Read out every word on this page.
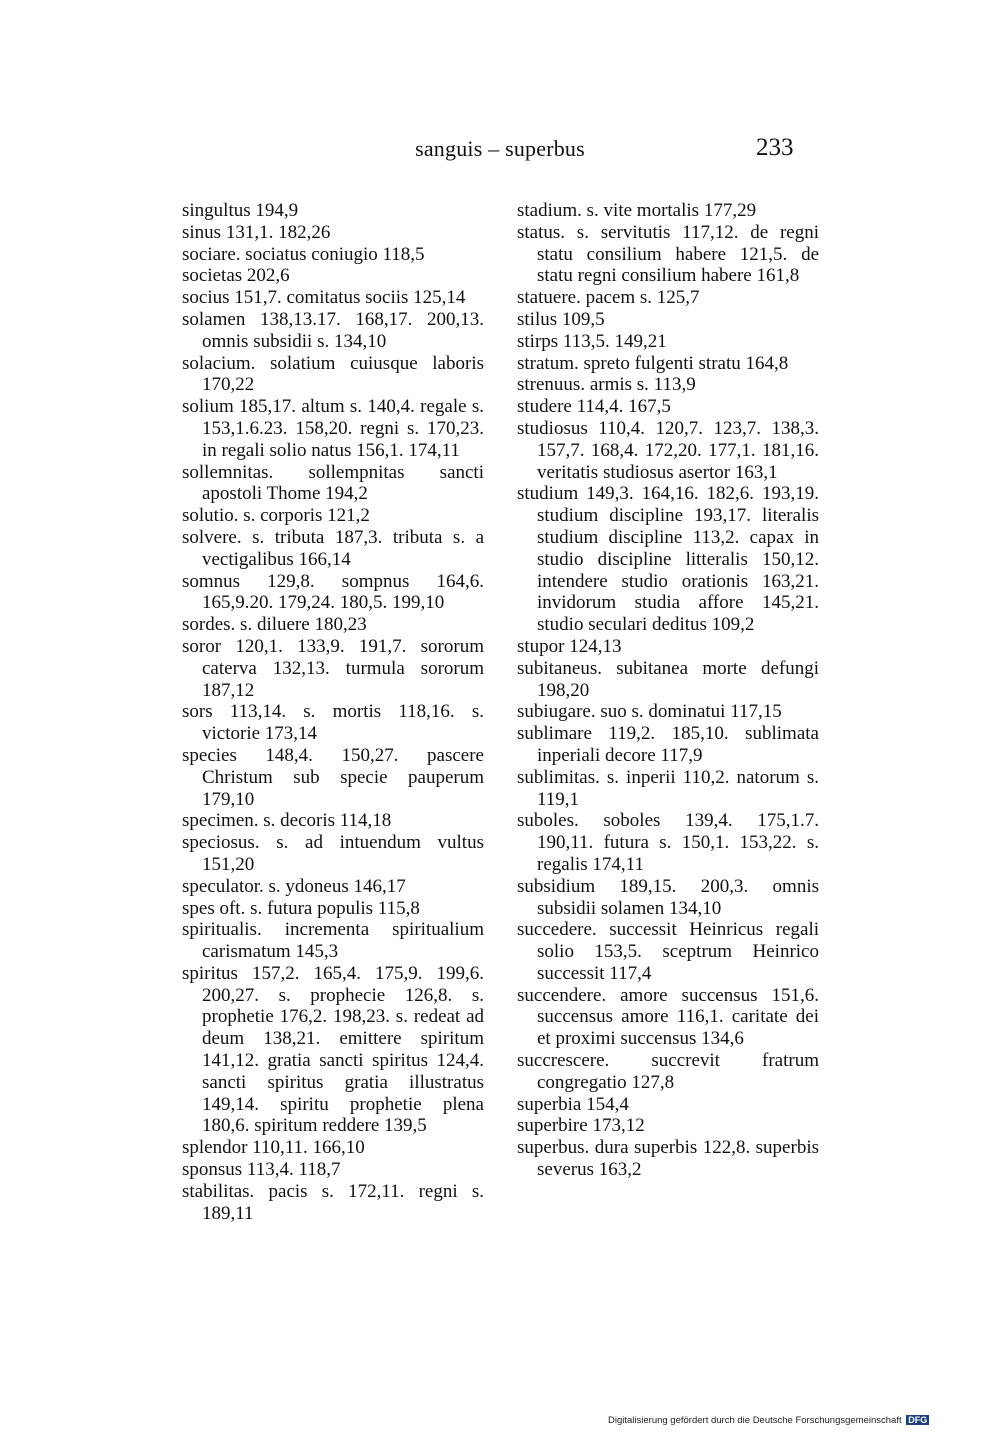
sanguis – superbus	233
singultus 194,9
sinus 131,1. 182,26
sociare. sociatus coniugio 118,5
societas 202,6
socius 151,7. comitatus sociis 125,14
solamen 138,13.17. 168,17. 200,13. omnis subsidii s. 134,10
solacium. solatium cuiusque laboris 170,22
solium 185,17. altum s. 140,4. regale s. 153,1.6.23. 158,20. regni s. 170,23. in regali solio natus 156,1. 174,11
sollemnitas. sollempnitas sancti apostoli Thome 194,2
solutio. s. corporis 121,2
solvere. s. tributa 187,3. tributa s. a vectigalibus 166,14
somnus 129,8. sompnus 164,6. 165,9.20. 179,24. 180,5. 199,10
sordes. s. diluere 180,23
soror 120,1. 133,9. 191,7. sororum caterva 132,13. turmula sororum 187,12
sors 113,14. s. mortis 118,16. s. victorie 173,14
species 148,4. 150,27. pascere Christum sub specie pauperum 179,10
specimen. s. decoris 114,18
speciosus. s. ad intuendum vultus 151,20
speculator. s. ydoneus 146,17
spes oft. s. futura populis 115,8
spiritualis. incrementa spiritualium carismatum 145,3
spiritus 157,2. 165,4. 175,9. 199,6. 200,27. s. prophecie 126,8. s. prophetie 176,2. 198,23. s. redeat ad deum 138,21. emittere spiritum 141,12. gratia sancti spiritus 124,4. sancti spiritus gratia illustratus 149,14. spiritu prophetie plena 180,6. spiritum reddere 139,5
splendor 110,11. 166,10
sponsus 113,4. 118,7
stabilitas. pacis s. 172,11. regni s. 189,11
stadium. s. vite mortalis 177,29
status. s. servitutis 117,12. de regni statu consilium habere 121,5. de statu regni consilium habere 161,8
statuere. pacem s. 125,7
stilus 109,5
stirps 113,5. 149,21
stratum. spreto fulgenti stratu 164,8
strenuus. armis s. 113,9
studere 114,4. 167,5
studiosus 110,4. 120,7. 123,7. 138,3. 157,7. 168,4. 172,20. 177,1. 181,16. veritatis studiosus asertor 163,1
studium 149,3. 164,16. 182,6. 193,19. studium discipline 193,17. literalis studium discipline 113,2. capax in studio discipline litteralis 150,12. intendere studio orationis 163,21. invidorum studia affore 145,21. studio seculari deditus 109,2
stupor 124,13
subitaneus. subitanea morte defungi 198,20
subiugare. suo s. dominatui 117,15
sublimare 119,2. 185,10. sublimata inperiali decore 117,9
sublimitas. s. inperii 110,2. natorum s. 119,1
suboles. soboles 139,4. 175,1.7. 190,11. futura s. 150,1. 153,22. s. regalis 174,11
subsidium 189,15. 200,3. omnis subsidii solamen 134,10
succedere. successit Heinricus regali solio 153,5. sceptrum Heinrico successit 117,4
succendere. amore succensus 151,6. succensus amore 116,1. caritate dei et proximi succensus 134,6
succrescere. succrevit fratrum congregatio 127,8
superbia 154,4
superbire 173,12
superbus. dura superbis 122,8. superbis severus 163,2
Digitalisierung gefördert durch die Deutsche Forschungsgemeinschaft DFG
